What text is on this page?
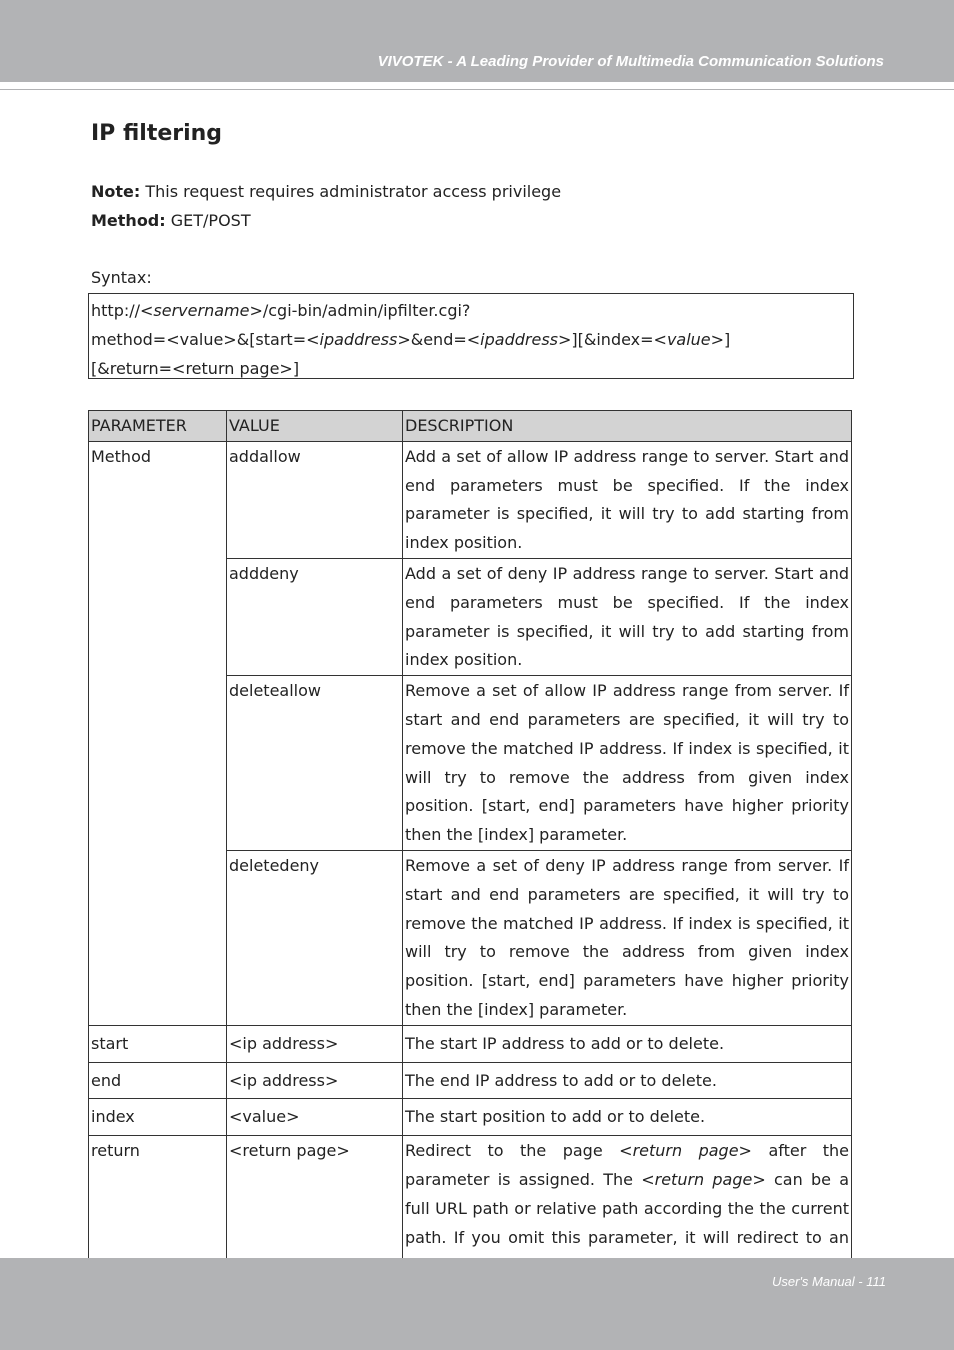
VIVOTEK - A Leading Provider of Multimedia Communication Solutions
IP filtering
Note: This request requires administrator access privilege
Method: GET/POST
Syntax:
http://<servername>/cgi-bin/admin/ipfilter.cgi?
method=<value>&[start=<ipaddress>&end=<ipaddress>][&index=<value>]
[&return=<return page>]
PARAMETER	VALUE	DESCRIPTION
Method	addallow	Add a set of allow IP address range to server. Start and end parameters must be specified. If the index parameter is specified, it will try to add starting from index position.
	adddeny	Add a set of deny IP address range to server. Start and end parameters must be specified. If the index parameter is specified, it will try to add starting from index position.
	deleteallow	Remove a set of allow IP address range from server. If start and end parameters are specified, it will try to remove the matched IP address. If index is specified, it will try to remove the address from given index position. [start, end] parameters have higher priority then the [index] parameter.
	deletedeny	Remove a set of deny IP address range from server. If start and end parameters are specified, it will try to remove the matched IP address. If index is specified, it will try to remove the address from given index position. [start, end] parameters have higher priority then the [index] parameter.
start	<ip address>	The start IP address to add or to delete.
end	<ip address>	The end IP address to add or to delete.
index	<value>	The start position to add or to delete.
return	<return page>	Redirect to the page <return page> after the parameter is assigned. The <return page> can be a full URL path or relative path according the the current path. If you omit this parameter, it will redirect to an
User's Manual - 111
